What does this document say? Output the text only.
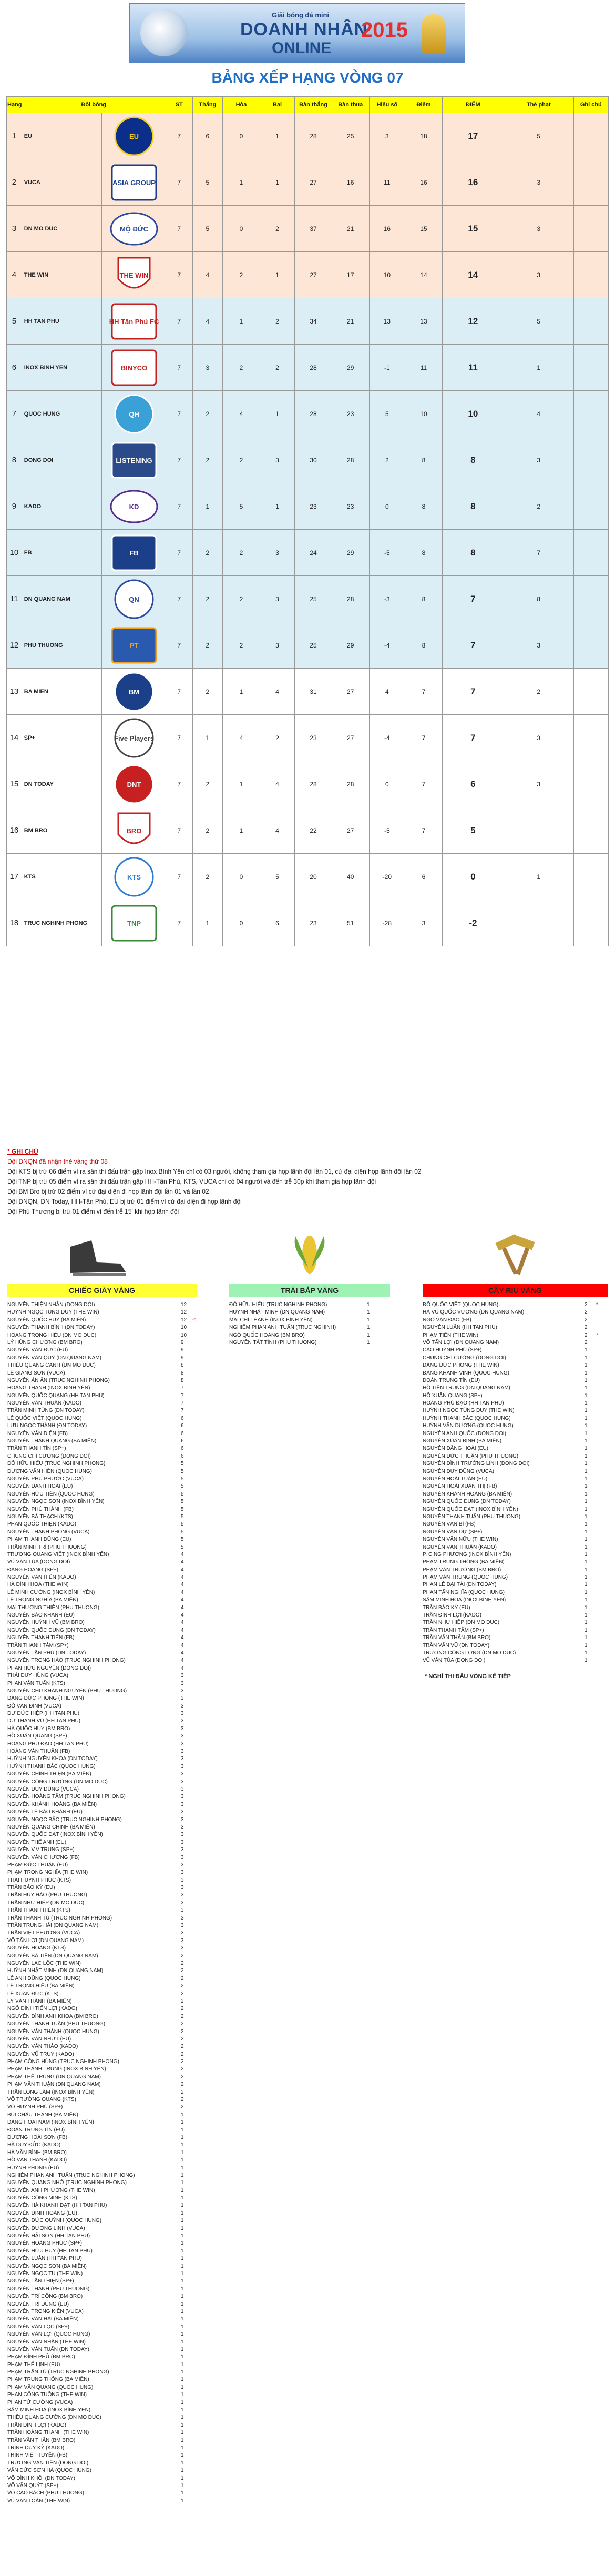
Giải bóng đá mini
DOANH NHÂN
ONLINE
2015
BẢNG XẾP HẠNG VÒNG 07
Hạng	Đội bóng		ST	Thắng	Hòa	Bại	Bàn thắng	Bàn thua	Hiệu số	Điểm	ĐIỂM	Thẻ phạt	Ghi chú
1	EU	EU	7	6	0	1	28	25	3	18	17	5	
2	VUCA	ASIA GROUP	7	5	1	1	27	16	11	16	16	3	
3	DN MO DUC	MỘ ĐỨC	7	5	0	2	37	21	16	15	15	3	
4	THE WIN	THE WIN	7	4	2	1	27	17	10	14	14	3	
5	HH TAN PHU	HH Tân Phú FC	7	4	1	2	34	21	13	13	12	5	
6	INOX BINH YEN	BINYCO	7	3	2	2	28	29	-1	11	11	1	
7	QUOC HUNG	QH	7	2	4	1	28	23	5	10	10	4	
8	DONG DOI	LISTENING	7	2	2	3	30	28	2	8	8	3	
9	KADO	KD	7	1	5	1	23	23	0	8	8	2	
10	FB	FB	7	2	2	3	24	29	-5	8	8	7	
11	DN QUANG NAM	QN	7	2	2	3	25	28	-3	8	7	8	
12	PHU THUONG	PT	7	2	2	3	25	29	-4	8	7	3	
13	BA MIEN	BM	7	2	1	4	31	27	4	7	7	2	
14	SP+	Five Players	7	1	4	2	23	27	-4	7	7	3	
15	DN TODAY	DNT	7	2	1	4	28	28	0	7	6	3	
16	BM BRO	BRO	7	2	1	4	22	27	-5	7	5		
17	KTS	KTS	7	2	0	5	20	40	-20	6	0	1	
18	TRUC NGHINH PHONG	TNP	7	1	0	6	23	51	-28	3	-2		
* GHI CHÚ
Đội DNQN đã nhận thẻ vàng thứ 08
Đội KTS bị trừ 06 điểm vì ra sân thi đấu trận gặp Inox Bình Yên chỉ có 03 người, không tham gia họp lãnh đội lần 01, cử đại diện họp lãnh đội lần 02
Đội TNP bị trừ 05 điểm vì ra sân thi đấu trận gặp HH-Tân Phú, KTS, VUCA chỉ có 04 người và đến trễ 30p khi tham gia họp lãnh đội
Đội BM Bro bị trừ 02 điểm vì cử đại diện đi họp lãnh đội lần 01 và lần 02
Đội DNQN, DN Today, HH-Tân Phú, EU bị trừ 01 điểm vì cử đại diện đi họp lãnh đội
Đội Phú Thương bị trừ 01 điểm vì đến trễ 15' khi họp lãnh đội
CHIẾC GIÀY VÀNG
NGUYỄN THIỆN NHÂN (DONG DOI)	12
HUỲNH NGỌC TÙNG DUY (THE WIN)	12
NGUYỄN QUỐC HUY (BA MIỀN)	12 -1
NGUYỄN THANH BÌNH (ĐN TODAY)	10
HOÀNG TRỌNG HIẾU (DN MO DUC)	10
LÝ HÙNG CHƯƠNG (BM BRO)	9
NGUYỄN VĂN ĐỨC (EU)	9
NGUYỄN VĂN QUÝ (DN QUANG NAM)	9
THIỀU QUANG CANH (DN MO DUC)	8
LÊ GIANG SƠN (VUCA)	8
NGUYỄN ÁN ÂN (TRUC NGHINH PHONG)	8
HOÀNG THANH (INOX BÌNH YÊN)	7
NGUYỄN QUỐC QUANG (HH TAN PHU)	7
NGUYỄN VĂN THUẬN (KADO)	7
TRẦN MINH TÙNG (ĐN TODAY)	7
LÊ QUỐC VIỆT (QUOC HUNG)	6
LƯU NGỌC THÀNH (ĐN TODAY)	6
NGUYỄN VĂN ĐIỆN (FB)	6
NGUYỄN THANH QUANG (BA MIỀN)	6
TRẦN THANH TÍN (SP+)	6
CHUNG CHÍ CƯỜNG (DONG DOI)	6
ĐỖ HỮU HIẾU (TRUC NGHINH PHONG)	5
DƯƠNG VĂN HIỀN (QUOC HUNG)	5
NGUYỄN PHÚ PHƯỚC (VUCA)	5
NGUYỄN DANH HOÀI (EU)	5
NGUYỄN HỮU TIẾN (QUOC HUNG)	5
NGUYỄN NGỌC SƠN (INOX BÌNH YÊN)	5
NGUYỄN PHÚ THÀNH (FB)	5
NGUYỄN BÁ THẠCH (KTS)	5
PHAN QUỐC THIỆN (KADO)	5
NGUYỄN THANH PHONG (VUCA)	5
PHẠM THANH DŨNG (EU)	5
TRẦN MINH TRÍ (PHU THUONG)	5
TRƯƠNG QUANG VIỆT (INOX BÌNH YÊN)	4
VŨ VĂN TÚA (DONG DOI)	4
ĐẶNG HOÀNG (SP+)	4
NGUYỄN VĂN HIỀN (KADO)	4
HÀ ĐÌNH HOA (THE WIN)	4
LÊ MINH CƯỜNG (INOX BÌNH YÊN)	4
LÊ TRỌNG NGHĨA (BA MIỀN)	4
MAI THƯƠNG THIÊN (PHU THUONG)	4
NGUYỄN BẢO KHÁNH (EU)	4
NGUYỄN HUỲNH VŨ (BM BRO)	4
NGUYỄN QUỐC DUNG (DN TODAY)	4
NGUYỄN THANH TIẾN (FB)	4
TRẦN THANH TÂM (SP+)	4
NGUYỄN TẤN PHÚ (DN TODAY)	4
NGUYỄN TRỌNG HÀO (TRUC NGHINH PHONG)	4
PHAN HỮU NGUYÊN (DONG DOI)	4
THÁI DUY HÙNG (VUCA)	3
PHAN VĂN TUẤN (KTS)	3
NGUYỄN CHU KHÁNH NGUYÊN (PHU THUONG)	3
ĐẶNG ĐỨC PHONG (THE WIN)	3
ĐỖ VĂN ĐÌNH (VUCA)	3
DƯ ĐỨC HIỆP (HH TAN PHU)	3
DƯ THANH VŨ (HH TAN PHU)	3
HÀ QUỐC HUY (BM BRO)	3
HỒ XUÂN QUANG (SP+)	3
HOÀNG PHÚ ĐẠO (HH TAN PHU)	3
HOÀNG VĂN THUẬN (FB)	3
HUỲNH NGUYÊN KHOA (DN TODAY)	3
HUỲNH THANH BẮC (QUOC HUNG)	3
NGUYỄN CHÍNH THIỆN (BA MIỀN)	3
NGUYỄN CÔNG TRƯỜNG (DN MO DUC)	3
NGUYỄN DUY DŨNG (VUCA)	3
NGUYỄN HOÀNG TÂM (TRUC NGHINH PHONG)	3
NGUYỄN KHÁNH HOÀNG (BA MIỀN)	3
NGUYỄN LÊ BẢO KHÁNH (EU)	3
NGUYỄN NGỌC BẮC (TRUC NGHINH PHONG)	3
NGUYỄN QUANG CHÍNH (BA MIỀN)	3
NGUYỄN QUỐC ĐẠT (INOX BÌNH YÊN)	3
NGUYỄN THẾ ANH (EU)	3
NGUYỄN V.V TRUNG (SP+)	3
NGUYỄN VĂN CHƯƠNG (FB)	3
PHẠM ĐỨC THUẬN (EU)	3
PHẠM TRỌNG NGHĨA (THE WIN)	3
THÁI HUỲNH PHÚC (KTS)	3
TRẦN BẢO KỲ (EU)	3
TRẦN HUY HẢO (PHU THUONG)	3
TRẦN NHƯ HIỆP (DN MO DUC)	3
TRẦN THANH HIỀN (KTS)	3
TRẦN THANH TÚ (TRUC NGHINH PHONG)	3
TRẦN TRUNG HẢI (DN QUANG NAM)	3
TRẦN VIỆT PHƯƠNG (VUCA)	3
VÕ TẤN LỢI (DN QUANG NAM)	3
NGUYỄN HOÀNG (KTS)	3
NGUYỄN BÁ TIẾN (DN QUANG NAM)	2
NGUYỄN LẠC LỘC (THE WIN)	2
HUỲNH NHẬT MINH (DN QUANG NAM)	2
LÊ ANH DŨNG (QUOC HUNG)	2
LÊ TRỌNG HIẾU (BA MIỀN)	2
LÊ XUÂN ĐỨC (KTS)	2
LÝ VĂN THÀNH (BA MIỀN)	2
NGÔ ĐÌNH TIẾN LỢI (KADO)	2
NGUYỄN ĐÌNH ANH KHOA (BM BRO)	2
NGUYỄN THANH TUẤN (PHU THUONG)	2
NGUYỄN VĂN THÀNH (QUOC HUNG)	2
NGUYỄN VĂN NHỨT (EU)	2
NGUYỄN VĂN THẢO (KADO)	2
NGUYỄN VŨ TRUY (KADO)	2
PHẠM CÔNG HÙNG (TRUC NGHINH PHONG)	2
PHẠM THANH TRUNG (INOX BÌNH YÊN)	2
PHẠM THẾ TRUNG (DN QUANG NAM)	2
PHẠM VĂN THUẬN (DN QUANG NAM)	2
TRẦN LONG LÂM (INOX BÌNH YÊN)	2
VÕ TRƯỜNG QUANG (KTS)	2
VÕ HUỲNH PHÚ (SP+)	2
BÙI CHÂU THÀNH (BA MIỀN)	1
ĐẶNG HOÀI NAM (INOX BÌNH YÊN)	1
ĐOÀN TRUNG TÍN (EU)	1
DƯƠNG HOÀI SƠN (FB)	1
HÀ DUY ĐỨC (KADO)	1
HÀ VĂN BÌNH (BM BRO)	1
HỒ VĂN THANH (KADO)	1
HUỲNH PHONG (EU)	1
NGHIÊM PHAN ANH TUẤN (TRUC NGHINH PHONG)	1
NGUYỄN QUANG NHỚ (TRUC NGHINH PHONG)	1
NGUYỄN ANH PHƯƠNG (THE WIN)	1
NGUYỄN CÔNG MINH (KTS)	1
NGUYỄN HÀ KHANH DẠT (HH TAN PHU)	1
NGUYỄN ĐÌNH HOÀNG (EU)	1
NGUYỄN ĐỨC QUỲNH (QUOC HUNG)	1
NGUYỄN DƯƠNG LINH (VUCA)	1
NGUYỄN HẢI SƠN (HH TAN PHU)	1
NGUYỄN HOÀNG PHÚC (SP+)	1
NGUYỄN HỮU HUY (HH TAN PHU)	1
NGUYỄN LUÂN (HH TAN PHU)	1
NGUYỄN NGỌC SƠN (BA MIỀN)	1
NGUYỄN NGỌC TU (THE WIN)	1
NGUYỄN TẤN THIỆN (SP+)	1
NGUYỄN THÀNH (PHU THUONG)	1
NGUYỄN TRÍ CÔNG (BM BRO)	1
NGUYỄN TRÍ DŨNG (EU)	1
NGUYỄN TRỌNG KIÊN (VUCA)	1
NGUYỄN VĂN HẢI (BA MIỀN)	1
NGUYỄN VĂN LỘC (SP+)	1
NGUYỄN VĂN LỢI (QUOC HUNG)	1
NGUYỄN VĂN NHÂN (THE WIN)	1
NGUYỄN VĂN TUẤN (DN TODAY)	1
PHẠM ĐÌNH PHÚ (BM BRO)	1
PHẠM THẾ LỊNH (EU)	1
PHẠM TRẦN TÚ (TRUC NGHINH PHONG)	1
PHẠM TRUNG THÔNG (BA MIỀN)	1
PHẠM VĂN QUANG (QUOC HUNG)	1
PHAN CÔNG TUỒNG (THE WIN)	1
PHAN TỬ CƯỜNG (VUCA)	1
SẨM MINH HOÀ (INOX BÌNH YÊN)	1
THIỀU QUANG CƯỜNG (DN MO DUC)	1
TRẦN ĐÌNH LỢI (KADO)	1
TRẦN HOÀNG THANH (THE WIN)	1
TRẦN VĂN THÂN (BM BRO)	1
TRỊNH DUY KỲ (KADO)	1
TRỊNH VIỆT TUYẾN (FB)	1
TRƯƠNG VĂN TIẾN (DONG DOI)	1
VĂN ĐỨC SƠN HÀ (QUOC HUNG)	1
VÕ ĐÌNH KHÔI (DN TODAY)	1
VÕ VĂN QUÝT (SP+)	1
VÕ CAO BÁCH (PHU THUONG)	1
VŨ VĂN TOẢN (THE WIN)	1
TRÁI BẮP VÀNG
ĐỖ HỮU HIẾU (TRUC NGHINH PHONG)	1
HUỲNH NHẬT MINH (DN QUANG NAM)	1
MAI CHÍ THANH (INOX BÌNH YÊN)	1
NGHIÊM PHAN ANH TUẤN (TRUC NGHINH)	1
NGÔ QUỐC HOÀNG (BM BRO)	1
NGUYỄN TẤT TÌNH (PHU THUONG)	1
CÂY RÌU VÀNG
ĐỖ QUỐC VIỆT (QUOC HUNG)	2 *
HÀ VŨ QUỐC VƯƠNG (DN QUANG NAM)	2
NGÔ VĂN ĐẠO (FB)	2
NGUYỄN LUÂN (HH TAN PHU)	2
PHẠM TIẾN (THE WIN)	2 *
VÕ TẤN LỢI (DN QUANG NAM)	2
CAO HUỲNH PHÚ (SP+)	1
CHUNG CHÍ CƯỜNG (DONG DOI)	1
ĐẶNG ĐỨC PHONG (THE WIN)	1
ĐẶNG KHÁNH VĨNH (QUOC HUNG)	1
ĐOÀN TRUNG TÍN (EU)	1
HỒ TIẾN TRUNG (DN QUANG NAM)	1
HỒ XUÂN QUANG (SP+)	1
HOÀNG PHÚ ĐẠO (HH TAN PHU)	1
HUỲNH NGỌC TÙNG DUY (THE WIN)	1
HUỲNH THANH BẮC (QUOC HUNG)	1
HUỲNH VĂN DƯƠNG (QUOC HUNG)	1
NGUYỄN ANH QUỐC (DONG DOI)	1
NGUYỄN XUÂN BÌNH (BA MIỀN)	1
NGUYỄN ĐĂNG HOÀI (EU)	1
NGUYỄN ĐỨC THUẬN (PHU THUONG)	1
NGUYỄN ĐÌNH TRƯỜNG LINH (DONG DOI)	1
NGUYỄN DUY DŨNG (VUCA)	1
NGUYỄN HOÀI TUẤN (EU)	1
NGUYỄN HOÀI XUÂN THỊ (FB)	1
NGUYỄN KHÁNH HOÀNG (BA MIỀN)	1
NGUYỄN QUỐC DUNG (DN TODAY)	1
NGUYỄN QUỐC ĐẠT (INOX BÌNH YÊN)	1
NGUYỄN THANH TUẤN (PHU THUONG)	1
NGUYỄN VĂN BÌ (FB)	1
NGUYỄN VĂN DỰ (SP+)	1
NGUYỄN VĂN NỮU (THE WIN)	1
NGUYỄN VĂN THUẬN (KADO)	1
P. C NG PHƯƠNG (INOX BÌNH YÊN)	1
PHẠM TRUNG THÔNG (BA MIỀN)	1
PHẠM VĂN TRƯỜNG (BM BRO)	1
PHẠM VĂN TRUNG (QUOC HUNG)	1
PHAN LÊ DẠI TÀI (DN TODAY)	1
PHAN TẤN NGHĨA (QUOC HUNG)	1
SẨM MINH HOÀ (INOX BÌNH YÊN)	1
TRẦN BẢO KỲ (EU)	1
TRẦN ĐÌNH LỢI (KADO)	1
TRẦN NHƯ HIỆP (DN MO DUC)	1
TRẦN THANH TÂM (SP+)	1
TRẦN VĂN THÂN (BM BRO)	1
TRẦN VĂN VŨ (DN TODAY)	1
TRƯƠNG CÔNG LỢNG (DN MO DUC)	1
VŨ VĂN TÚA (DONG DOI)	1
* NGHỈ THI ĐẤU VÒNG KẾ TIẾP
